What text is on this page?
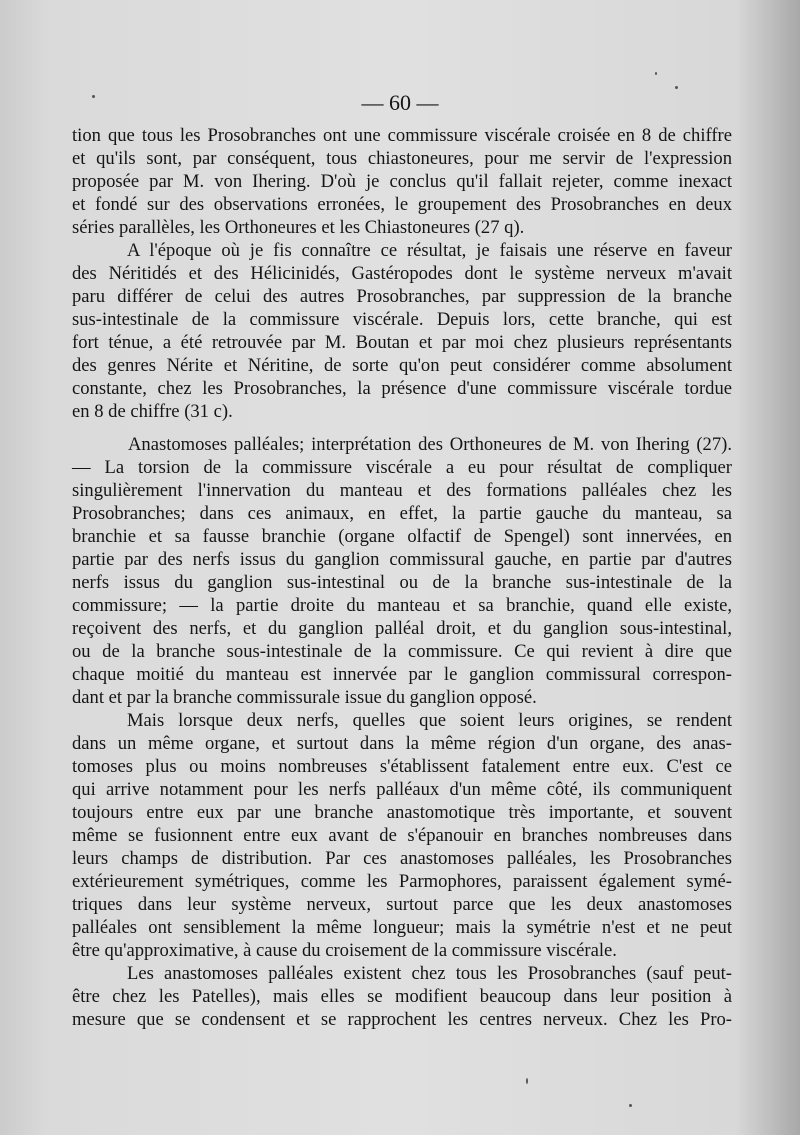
— 60 —
tion que tous les Prosobranches ont une commissure viscérale croisée en 8 de chiffre
et qu'ils sont, par conséquent, tous chiastoneures, pour me servir de l'expression
proposée par M. von Ihering. D'où je conclus qu'il fallait rejeter, comme inexact
et fondé sur des observations erronées, le groupement des Prosobranches en deux
séries parallèles, les Orthoneures et les Chiastoneures (27 q).
A l'époque où je fis connaître ce résultat, je faisais une réserve en faveur
des Néritidés et des Hélicinidés, Gastéropodes dont le système nerveux m'avait
paru différer de celui des autres Prosobranches, par suppression de la branche
sus-intestinale de la commissure viscérale. Depuis lors, cette branche, qui est
fort ténue, a été retrouvée par M. Boutan et par moi chez plusieurs représentants
des genres Nérite et Néritine, de sorte qu'on peut considérer comme absolument
constante, chez les Prosobranches, la présence d'une commissure viscérale tordue
en 8 de chiffre (31 c).
Anastomoses palléales; interprétation des Orthoneures de M. von Ihering (27).
— La torsion de la commissure viscérale a eu pour résultat de compliquer
singulièrement l'innervation du manteau et des formations palléales chez les
Prosobranches; dans ces animaux, en effet, la partie gauche du manteau, sa
branchie et sa fausse branchie (organe olfactif de Spengel) sont innervées, en
partie par des nerfs issus du ganglion commissural gauche, en partie par d'autres
nerfs issus du ganglion sus-intestinal ou de la branche sus-intestinale de la
commissure; — la partie droite du manteau et sa branchie, quand elle existe,
reçoivent des nerfs, et du ganglion palléal droit, et du ganglion sous-intestinal,
ou de la branche sous-intestinale de la commissure. Ce qui revient à dire que
chaque moitié du manteau est innervée par le ganglion commissural correspon-
dant et par la branche commissurale issue du ganglion opposé.
Mais lorsque deux nerfs, quelles que soient leurs origines, se rendent
dans un même organe, et surtout dans la même région d'un organe, des anas-
tomoses plus ou moins nombreuses s'établissent fatalement entre eux. C'est ce
qui arrive notamment pour les nerfs palléaux d'un même côté, ils communiquent
toujours entre eux par une branche anastomotique très importante, et souvent
même se fusionnent entre eux avant de s'épanouir en branches nombreuses dans
leurs champs de distribution. Par ces anastomoses palléales, les Prosobranches
extérieurement symétriques, comme les Parmophores, paraissent également symé-
triques dans leur système nerveux, surtout parce que les deux anastomoses
palléales ont sensiblement la même longueur; mais la symétrie n'est et ne peut
être qu'approximative, à cause du croisement de la commissure viscérale.
Les anastomoses palléales existent chez tous les Prosobranches (sauf peut-
être chez les Patelles), mais elles se modifient beaucoup dans leur position à
mesure que se condensent et se rapprochent les centres nerveux. Chez les Pro-
